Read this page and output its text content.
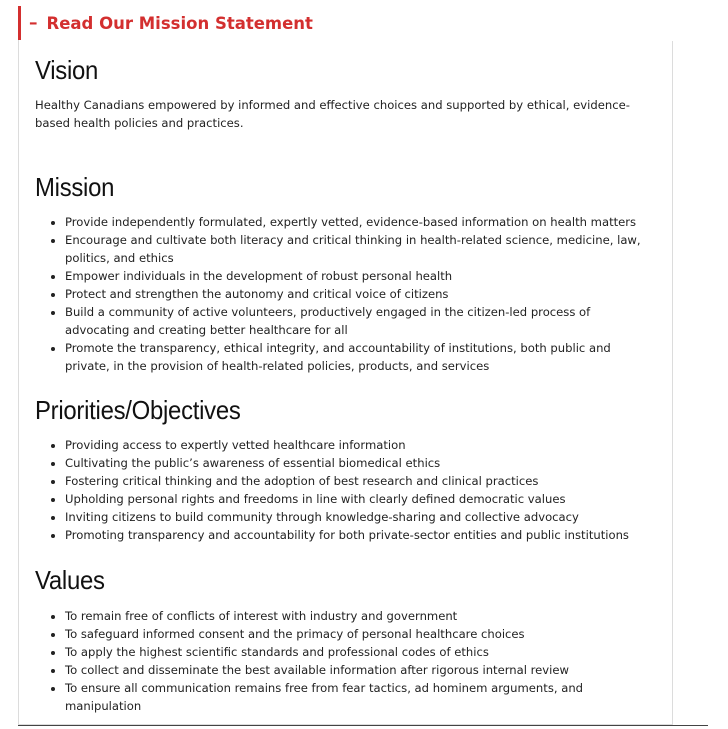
– Read Our Mission Statement
Vision

Healthy Canadians empowered by informed and effective choices and supported by ethical, evidence-based health policies and practices.

Mission
• Provide independently formulated, expertly vetted, evidence-based information on health matters
• Encourage and cultivate both literacy and critical thinking in health-related science, medicine, law, politics, and ethics
• Empower individuals in the development of robust personal health
• Protect and strengthen the autonomy and critical voice of citizens
• Build a community of active volunteers, productively engaged in the citizen-led process of advocating and creating better healthcare for all
• Promote the transparency, ethical integrity, and accountability of institutions, both public and private, in the provision of health-related policies, products, and services
Priorities/Objectives
• Providing access to expertly vetted healthcare information
• Cultivating the public’s awareness of essential biomedical ethics
• Fostering critical thinking and the adoption of best research and clinical practices
• Upholding personal rights and freedoms in line with clearly defined democratic values
• Inviting citizens to build community through knowledge-sharing and collective advocacy
• Promoting transparency and accountability for both private-sector entities and public institutions
Values
• To remain free of conflicts of interest with industry and government
• To safeguard informed consent and the primacy of personal healthcare choices
• To apply the highest scientific standards and professional codes of ethics
• To collect and disseminate the best available information after rigorous internal review
• To ensure all communication remains free from fear tactics, ad hominem arguments, and manipulation
